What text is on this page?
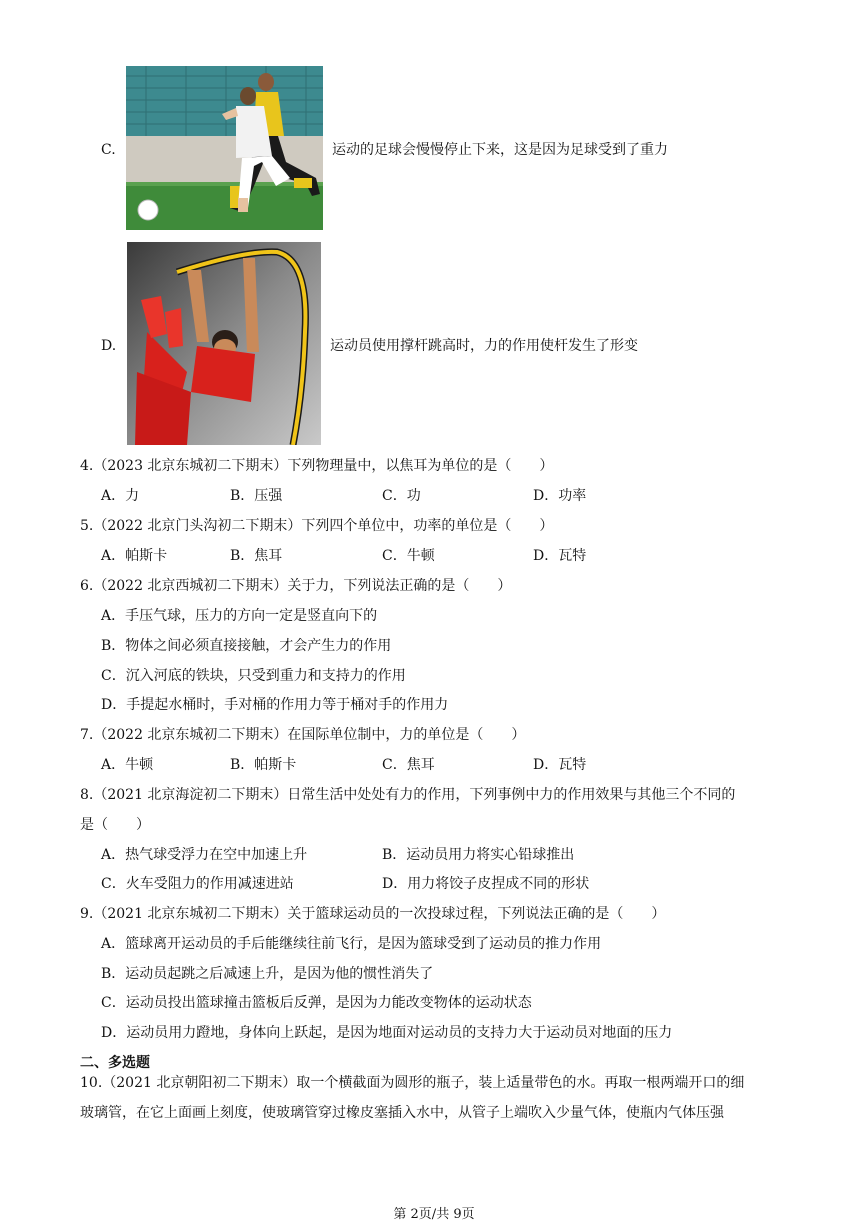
C.	运动的足球会慢慢停止下来，这是因为足球受到了重力
D.	运动员使用撑杆跳高时，力的作用使杆发生了形变
4.（2023 北京东城初二下期末）下列物理量中，以焦耳为单位的是（　　）
A．力	B．压强	C．功	D．功率
5.（2022 北京门头沟初二下期末）下列四个单位中，功率的单位是（　　）
A．帕斯卡	B．焦耳	C．牛顿	D．瓦特
6.（2022 北京西城初二下期末）关于力，下列说法正确的是（　　）
A．手压气球，压力的方向一定是竖直向下的
B．物体之间必须直接接触，才会产生力的作用
C．沉入河底的铁块，只受到重力和支持力的作用
D．手提起水桶时，手对桶的作用力等于桶对手的作用力
7.（2022 北京东城初二下期末）在国际单位制中，力的单位是（　　）
A．牛顿	B．帕斯卡	C．焦耳	D．瓦特
8.（2021 北京海淀初二下期末）日常生活中处处有力的作用，下列事例中力的作用效果与其他三个不同的
是（　　）
A．热气球受浮力在空中加速上升	B．运动员用力将实心铅球推出
C．火车受阻力的作用减速进站	D．用力将饺子皮捏成不同的形状
9.（2021 北京东城初二下期末）关于篮球运动员的一次投球过程，下列说法正确的是（　　）
A．篮球离开运动员的手后能继续往前飞行，是因为篮球受到了运动员的推力作用
B．运动员起跳之后减速上升，是因为他的惯性消失了
C．运动员投出篮球撞击篮板后反弹，是因为力能改变物体的运动状态
D．运动员用力蹬地，身体向上跃起，是因为地面对运动员的支持力大于运动员对地面的压力
二、多选题
10.（2021 北京朝阳初二下期末）取一个横截面为圆形的瓶子，装上适量带色的水。再取一根两端开口的细
玻璃管，在它上面画上刻度，使玻璃管穿过橡皮塞插入水中，从管子上端吹入少量气体，使瓶内气体压强
第 2页/共 9页
